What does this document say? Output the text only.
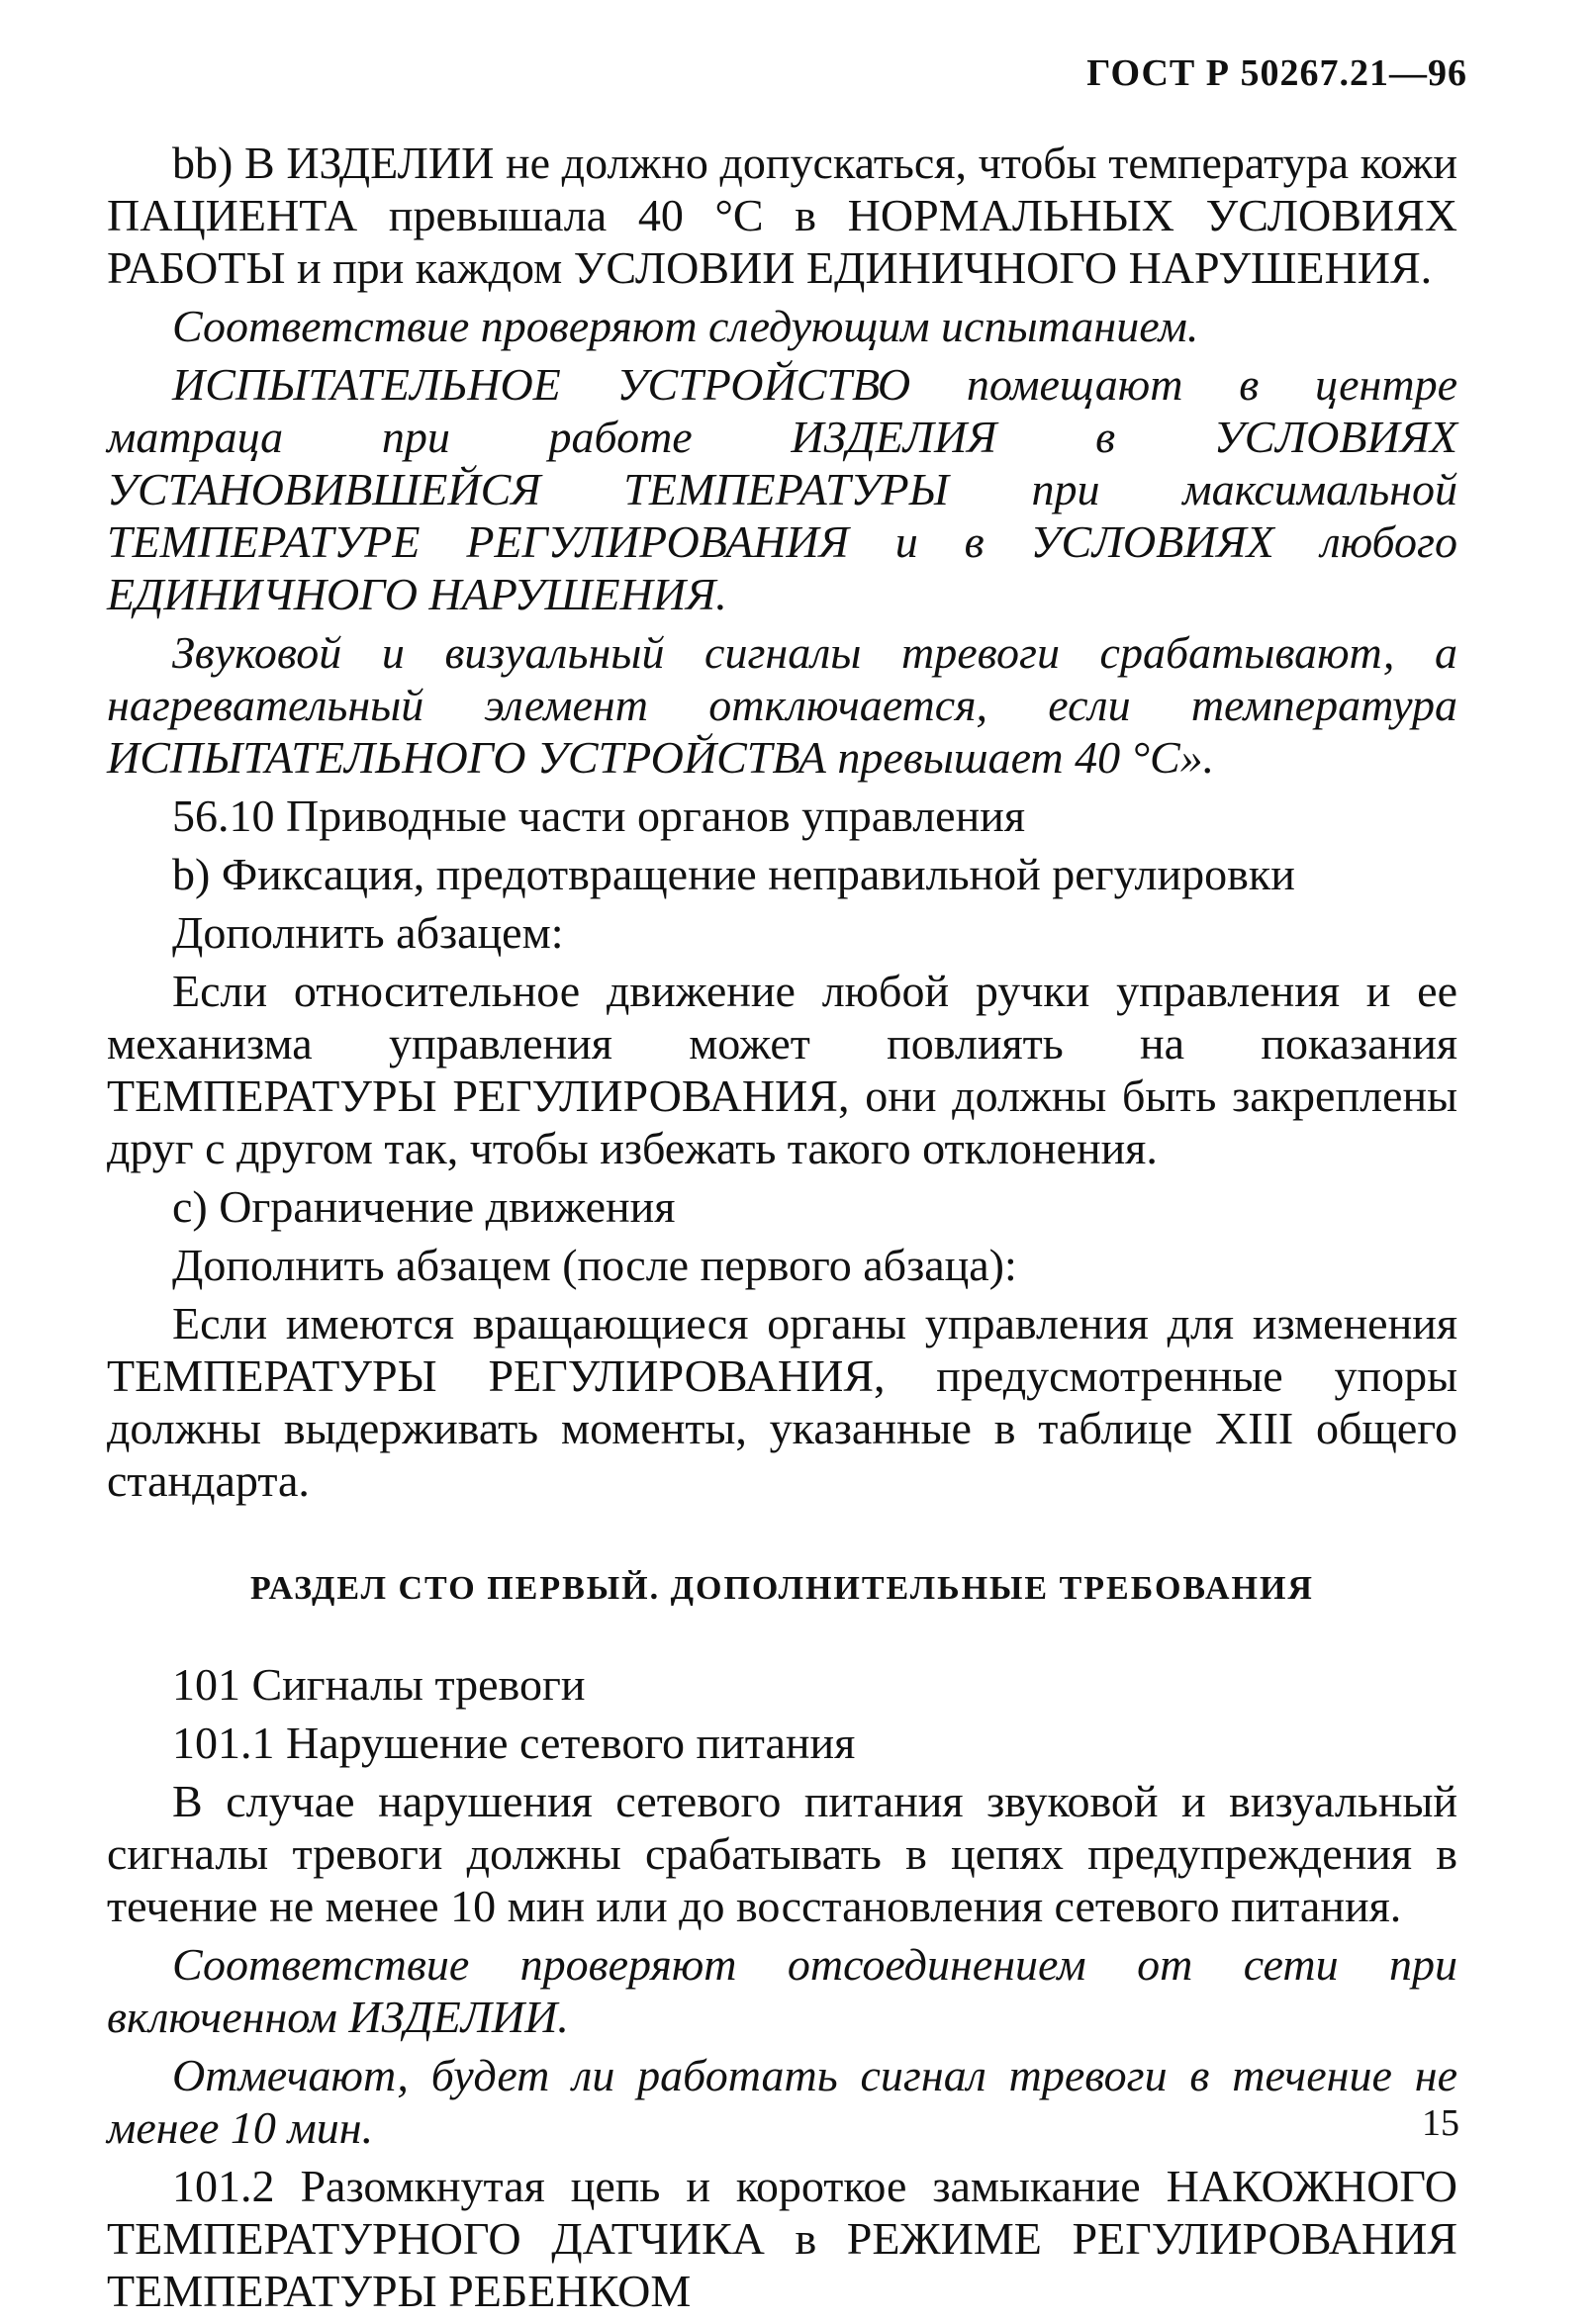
ГОСТ Р 50267.21—96

bb) В ИЗДЕЛИИ не должно допускаться, чтобы температура кожи ПАЦИЕНТА превышала 40 °С в НОРМАЛЬНЫХ УСЛОВИЯХ РАБОТЫ и при каждом УСЛОВИИ ЕДИНИЧНОГО НАРУШЕНИЯ.

Соответствие проверяют следующим испытанием.

ИСПЫТАТЕЛЬНОЕ УСТРОЙСТВО помещают в центре матраца при работе ИЗДЕЛИЯ в УСЛОВИЯХ УСТАНОВИВШЕЙСЯ ТЕМПЕРАТУРЫ при максимальной ТЕМПЕРАТУРЕ РЕГУЛИРОВАНИЯ и в УСЛОВИЯХ любого ЕДИНИЧНОГО НАРУШЕНИЯ.

Звуковой и визуальный сигналы тревоги срабатывают, а нагревательный элемент отключается, если температура ИСПЫТАТЕЛЬНОГО УСТРОЙСТВА превышает 40 °С».

56.10 Приводные части органов управления

b) Фиксация, предотвращение неправильной регулировки

Дополнить абзацем:

Если относительное движение любой ручки управления и ее механизма управления может повлиять на показания ТЕМПЕРАТУРЫ РЕГУЛИРОВАНИЯ, они должны быть закреплены друг с другом так, чтобы избежать такого отклонения.

с) Ограничение движения

Дополнить абзацем (после первого абзаца):

Если имеются вращающиеся органы управления для изменения ТЕМПЕРАТУРЫ РЕГУЛИРОВАНИЯ, предусмотренные упоры должны выдерживать моменты, указанные в таблице XIII общего стандарта.

РАЗДЕЛ СТО ПЕРВЫЙ. ДОПОЛНИТЕЛЬНЫЕ ТРЕБОВАНИЯ

101 Сигналы тревоги

101.1 Нарушение сетевого питания

В случае нарушения сетевого питания звуковой и визуальный сигналы тревоги должны срабатывать в цепях предупреждения в течение не менее 10 мин или до восстановления сетевого питания.

Соответствие проверяют отсоединением от сети при включенном ИЗДЕЛИИ.

Отмечают, будет ли работать сигнал тревоги в течение не менее 10 мин.

101.2 Разомкнутая цепь и короткое замыкание НАКОЖНОГО ТЕМПЕРАТУРНОГО ДАТЧИКА в РЕЖИМЕ РЕГУЛИРОВАНИЯ ТЕМПЕРАТУРЫ РЕБЕНКОМ

15
